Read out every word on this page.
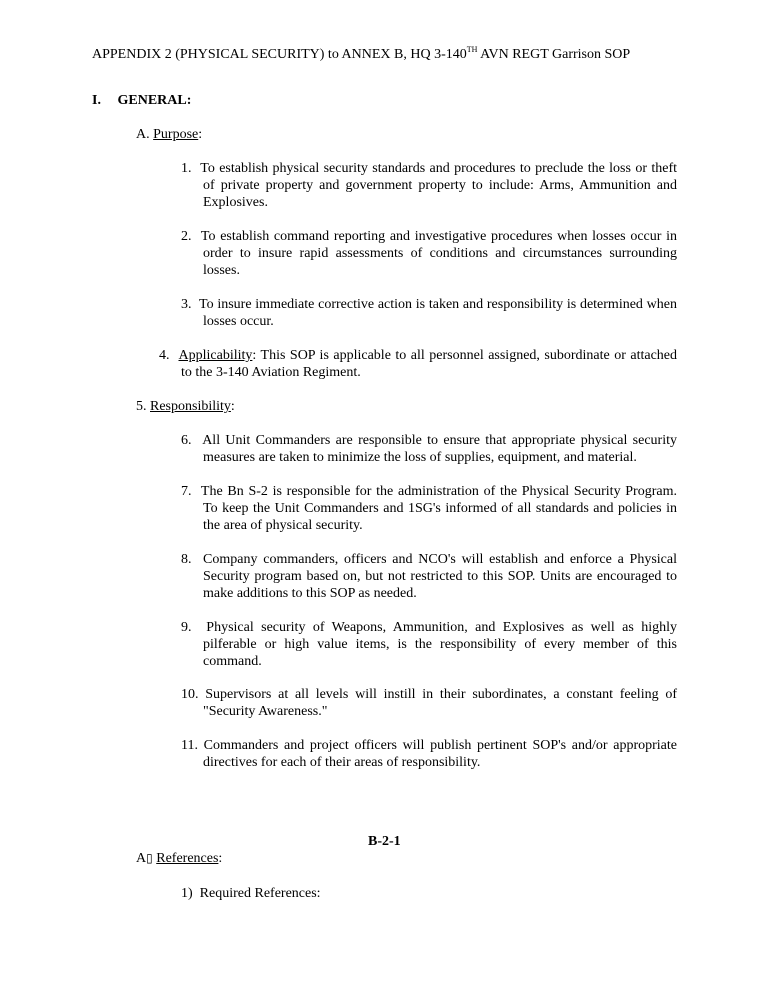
APPENDIX 2 (PHYSICAL SECURITY) to ANNEX B, HQ 3-140TH AVN REGT Garrison SOP
I. GENERAL:
A. Purpose:
1. To establish physical security standards and procedures to preclude the loss or theft of private property and government property to include: Arms, Ammunition and Explosives.
2. To establish command reporting and investigative procedures when losses occur in order to insure rapid assessments of conditions and circumstances surrounding losses.
3. To insure immediate corrective action is taken and responsibility is determined when losses occur.
4. Applicability: This SOP is applicable to all personnel assigned, subordinate or attached to the 3-140 Aviation Regiment.
5. Responsibility:
6. All Unit Commanders are responsible to ensure that appropriate physical security measures are taken to minimize the loss of supplies, equipment, and material.
7. The Bn S-2 is responsible for the administration of the Physical Security Program. To keep the Unit Commanders and 1SG's informed of all standards and policies in the area of physical security.
8. Company commanders, officers and NCO's will establish and enforce a Physical Security program based on, but not restricted to this SOP. Units are encouraged to make additions to this SOP as needed.
9. Physical security of Weapons, Ammunition, and Explosives as well as highly pilferable or high value items, is the responsibility of every member of this command.
10. Supervisors at all levels will instill in their subordinates, a constant feeling of "Security Awareness."
11. Commanders and project officers will publish pertinent SOP's and/or appropriate directives for each of their areas of responsibility.
B-2-1
A▯ References:
1) Required References:
